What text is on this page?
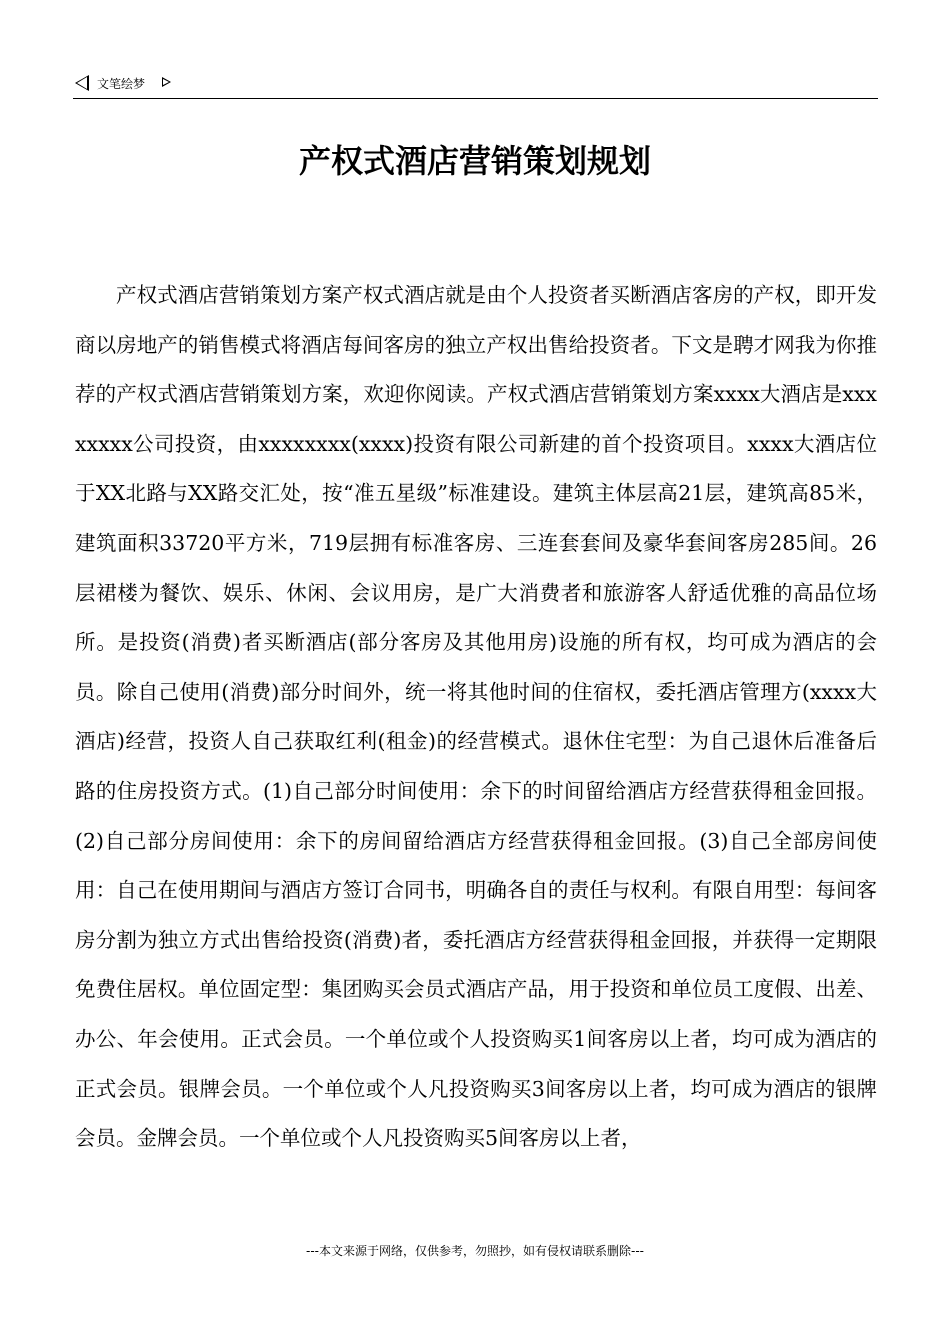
文笔绘梦
产权式酒店营销策划规划

产权式酒店营销策划方案产权式酒店就是由个人投资者买断酒店客房的产权，即开发商以房地产的销售模式将酒店每间客房的独立产权出售给投资者。下文是聘才网我为你推荐的产权式酒店营销策划方案，欢迎你阅读。产权式酒店营销策划方案xxxx大酒店是xxxxxxxx公司投资，由xxxxxxxx(xxxx)投资有限公司新建的首个投资项目。xxxx大酒店位于XX北路与XX路交汇处，按“准五星级”标准建设。建筑主体层高21层，建筑高85米，建筑面积33720平方米，719层拥有标准客房、三连套套间及豪华套间客房285间。26层裙楼为餐饮、娱乐、休闲、会议用房，是广大消费者和旅游客人舒适优雅的高品位场所。是投资(消费)者买断酒店(部分客房及其他用房)设施的所有权，均可成为酒店的会员。除自己使用(消费)部分时间外，统一将其他时间的住宿权，委托酒店管理方(xxxx大酒店)经营，投资人自己获取红利(租金)的经营模式。退休住宅型：为自己退休后准备后路的住房投资方式。(1)自己部分时间使用：余下的时间留给酒店方经营获得租金回报。(2)自己部分房间使用：余下的房间留给酒店方经营获得租金回报。(3)自己全部房间使用：自己在使用期间与酒店方签订合同书，明确各自的责任与权利。有限自用型：每间客房分割为独立方式出售给投资(消费)者，委托酒店方经营获得租金回报，并获得一定期限免费住居权。单位固定型：集团购买会员式酒店产品，用于投资和单位员工度假、出差、办公、年会使用。正式会员。一个单位或个人投资购买1间客房以上者，均可成为酒店的正式会员。银牌会员。一个单位或个人凡投资购买3间客房以上者，均可成为酒店的银牌会员。金牌会员。一个单位或个人凡投资购买5间客房以上者，

---本文来源于网络，仅供参考，勿照抄，如有侵权请联系删除---
